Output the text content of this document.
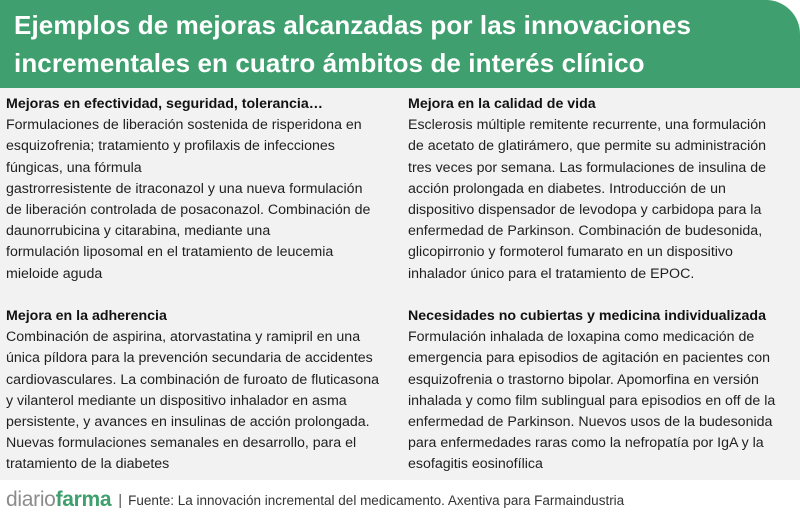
Ejemplos de mejoras alcanzadas por las innovaciones
incrementales en cuatro ámbitos de interés clínico
Mejoras en efectividad, seguridad, tolerancia…
Formulaciones de liberación sostenida de risperidona en
esquizofrenia; tratamiento y profilaxis de infecciones
fúngicas, una fórmula
gastrorresistente de itraconazol y una nueva formulación
de liberación controlada de posaconazol. Combinación de
daunorrubicina y citarabina, mediante una
formulación liposomal en el tratamiento de leucemia
mieloide aguda
Mejora en la calidad de vida
Esclerosis múltiple remitente recurrente, una formulación
de acetato de glatirámero, que permite su administración
tres veces por semana. Las formulaciones de insulina de
acción prolongada en diabetes. Introducción de un
dispositivo dispensador de levodopa y carbidopa para la
enfermedad de Parkinson. Combinación de budesonida,
glicopirronio y formoterol fumarato en un dispositivo
inhalador único para el tratamiento de EPOC.
Mejora en la adherencia
Combinación de aspirina, atorvastatina y ramipril en una
única píldora para la prevención secundaria de accidentes
cardiovasculares. La combinación de furoato de fluticasona
y vilanterol mediante un dispositivo inhalador en asma
persistente, y avances en insulinas de acción prolongada.
Nuevas formulaciones semanales en desarrollo, para el
tratamiento de la diabetes
Necesidades no cubiertas y medicina individualizada
Formulación inhalada de loxapina como medicación de
emergencia para episodios de agitación en pacientes con
esquizofrenia o trastorno bipolar. Apomorfina en versión
inhalada y como film sublingual para episodios en off de la
enfermedad de Parkinson. Nuevos usos de la budesonida
para enfermedades raras como la nefropatía por IgA y la
esofagitis eosinofílica
diario farma | Fuente: La innovación incremental del medicamento. Axentiva para Farmaindustria
